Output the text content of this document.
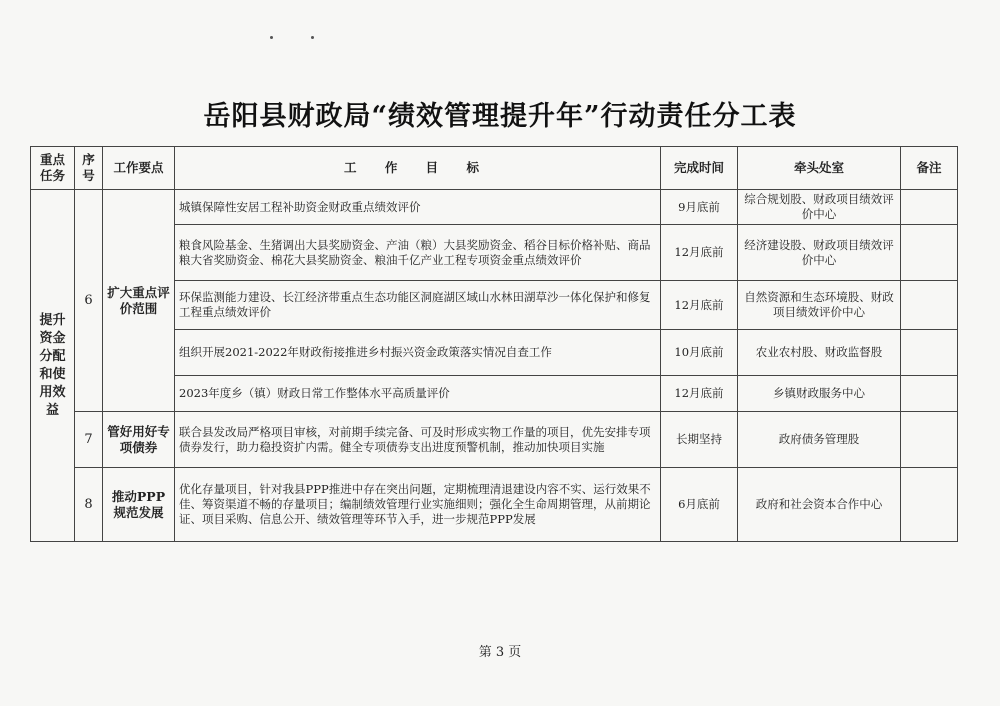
岳阳县财政局“绩效管理提升年”行动责任分工表
重点任务	序号	工作要点	工 作 目 标	完成时间	牵头处室	备注
提升资金分配和使用效益	6	扩大重点评价范围	城镇保障性安居工程补助资金财政重点绩效评价	9月底前	综合规划股、财政项目绩效评价中心	
			粮食风险基金、生猪调出大县奖励资金、产油（粮）大县奖励资金、稻谷目标价格补贴、商品粮大省奖励资金、棉花大县奖励资金、粮油千亿产业工程专项资金重点绩效评价	12月底前	经济建设股、财政项目绩效评价中心	
			环保监测能力建设、长江经济带重点生态功能区洞庭湖区域山水林田湖草沙一体化保护和修复工程重点绩效评价	12月底前	自然资源和生态环境股、财政项目绩效评价中心	
			组织开展2021-2022年财政衔接推进乡村振兴资金政策落实情况自查工作	10月底前	农业农村股、财政监督股	
			2023年度乡（镇）财政日常工作整体水平高质量评价	12月底前	乡镇财政服务中心	
	7	管好用好专项债券	联合县发改局严格项目审核，对前期手续完备、可及时形成实物工作量的项目，优先安排专项债券发行，助力稳投资扩内需。健全专项债券支出进度预警机制，推动加快项目实施	长期坚持	政府债务管理股	
	8	推动PPP规范发展	优化存量项目，针对我县PPP推进中存在突出问题，定期梳理清退建设内容不实、运行效果不佳、筹资渠道不畅的存量项目；编制绩效管理行业实施细则；强化全生命周期管理，从前期论证、项目采购、信息公开、绩效管理等环节入手，进一步规范PPP发展	6月底前	政府和社会资本合作中心	
第 3 页
